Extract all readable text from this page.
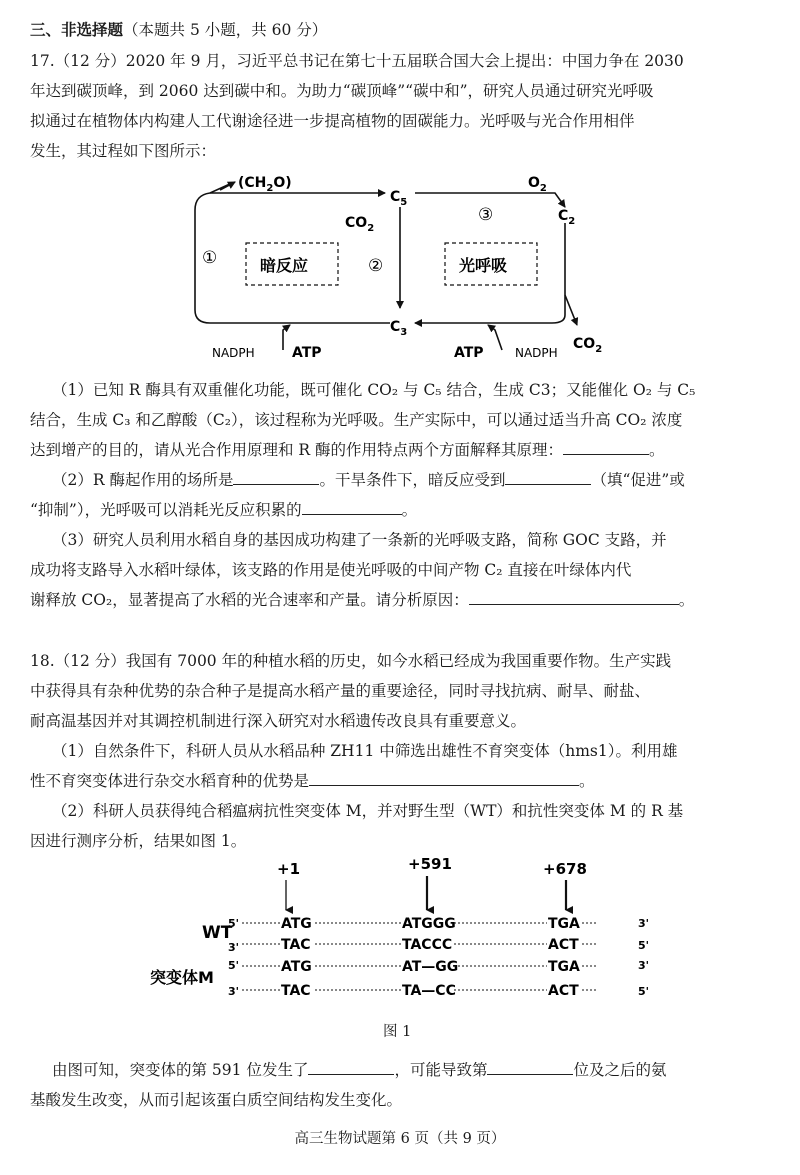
三、非选择题（本题共 5 小题，共 60 分）
17.（12 分）2020 年 9 月，习近平总书记在第七十五届联合国大会上提出：中国力争在 2030
年达到碳顶峰，到 2060 达到碳中和。为助力“碳顶峰”“碳中和”，研究人员通过研究光呼吸
拟通过在植物体内构建人工代谢途径进一步提高植物的固碳能力。光呼吸与光合作用相伴
发生，其过程如下图所示：
$(CH_2O)$
$C_5$
$O_2$
$C_2$
$CO_2$
$C_3$
$CO_2$
①	②
③
暗反应	光呼吸
NADPH	ATP	ATP	NADPH
（1）已知 R 酶具有双重催化功能，既可催化 CO₂ 与 C₅ 结合，生成 C3；又能催化 O₂ 与 C₅
结合，生成 C₃ 和乙醇酸（C₂），该过程称为光呼吸。生产实际中，可以通过适当升高 CO₂ 浓度
达到增产的目的，请从光合作用原理和 R 酶的作用特点两个方面解释其原理：	。
（2）R 酶起作用的场所是	。干旱条件下，暗反应受到	（填“促进”或
“抑制”），光呼吸可以消耗光反应积累的	。
（3）研究人员利用水稻自身的基因成功构建了一条新的光呼吸支路，简称 GOC 支路，并
成功将支路导入水稻叶绿体，该支路的作用是使光呼吸的中间产物 C₂ 直接在叶绿体内代
谢释放 CO₂，显著提高了水稻的光合速率和产量。请分析原因：	。
18.（12 分）我国有 7000 年的种植水稻的历史，如今水稻已经成为我国重要作物。生产实践
中获得具有杂种优势的杂合种子是提高水稻产量的重要途径，同时寻找抗病、耐旱、耐盐、
耐高温基因并对其调控机制进行深入研究对水稻遗传改良具有重要意义。
（1）自然条件下，科研人员从水稻品种 ZH11 中筛选出雄性不育突变体（hms1）。利用雄
性不育突变体进行杂交水稻育种的优势是	。
（2）科研人员获得纯合稻瘟病抗性突变体 M，并对野生型（WT）和抗性突变体 M 的 R 基
因进行测序分析，结果如图 1。
+1	+591	+678
WT
突变体M
5'	ATG	ATGGG	TGA	3'
3'	TAC	TACCC	ACT	5'
5'	ATG	AT—GG	TGA	3'
3'	TAC	TA—CC	ACT	5'
图 1
由图可知，突变体的第 591 位发生了	，可能导致第	位及之后的氨
基酸发生改变，从而引起该蛋白质空间结构发生变化。
高三生物试题第 6 页（共 9 页）
